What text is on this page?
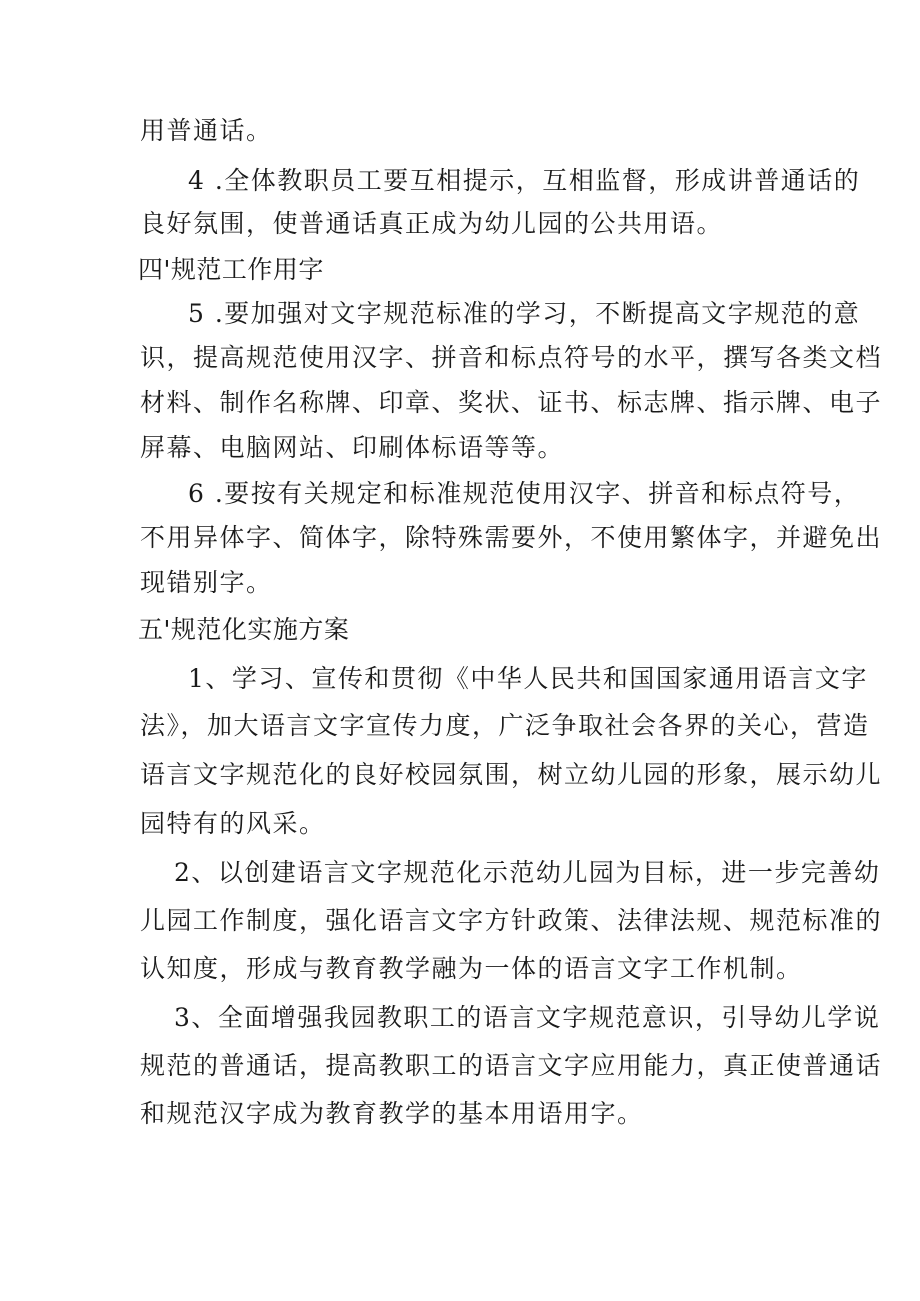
用普通话。
4 .全体教职员工要互相提示，互相监督，形成讲普通话的
良好氛围，使普通话真正成为幼儿园的公共用语。
四'规范工作用字
5 .要加强对文字规范标准的学习，不断提高文字规范的意
识，提高规范使用汉字、拼音和标点符号的水平，撰写各类文档
材料、制作名称牌、印章、奖状、证书、标志牌、指示牌、电子
屏幕、电脑网站、印刷体标语等等。
6 .要按有关规定和标准规范使用汉字、拼音和标点符号，
不用异体字、简体字，除特殊需要外，不使用繁体字，并避免出
现错别字。
五'规范化实施方案
1、学习、宣传和贯彻《中华人民共和国国家通用语言文字
法》，加大语言文字宣传力度，广泛争取社会各界的关心，营造
语言文字规范化的良好校园氛围，树立幼儿园的形象，展示幼儿
园特有的风采。
2、以创建语言文字规范化示范幼儿园为目标，进一步完善幼
儿园工作制度，强化语言文字方针政策、法律法规、规范标准的
认知度，形成与教育教学融为一体的语言文字工作机制。
3、全面增强我园教职工的语言文字规范意识，引导幼儿学说
规范的普通话，提高教职工的语言文字应用能力，真正使普通话
和规范汉字成为教育教学的基本用语用字。
